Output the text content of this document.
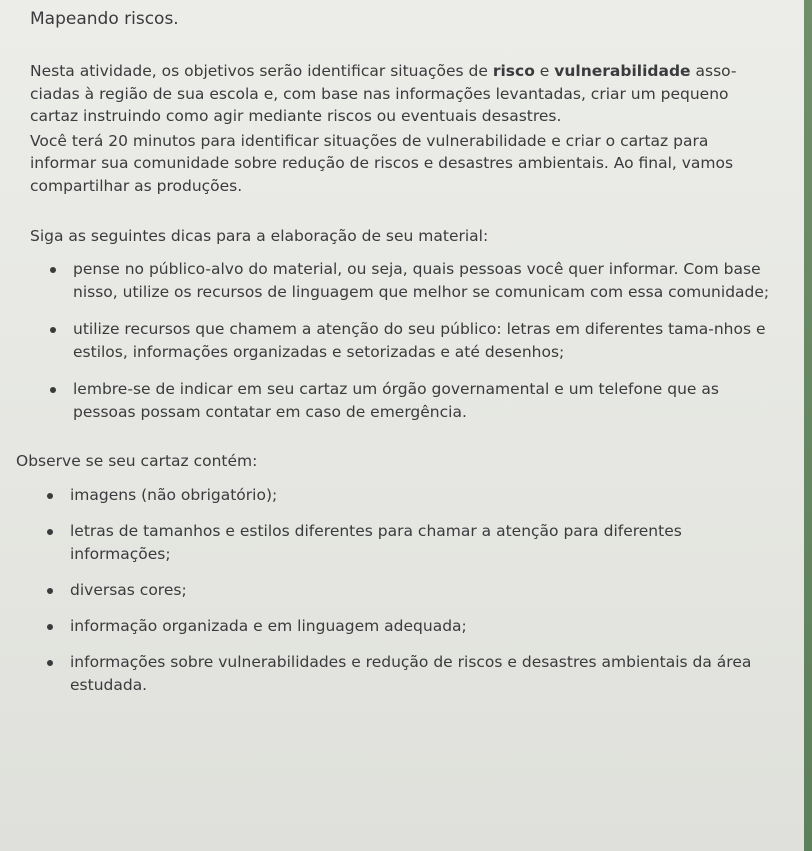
Mapeando riscos.

Nesta atividade, os objetivos serão identificar situações de risco e vulnerabilidade asso-ciadas à região de sua escola e, com base nas informações levantadas, criar um pequeno cartaz instruindo como agir mediante riscos ou eventuais desastres.

Você terá 20 minutos para identificar situações de vulnerabilidade e criar o cartaz para informar sua comunidade sobre redução de riscos e desastres ambientais. Ao final, vamos compartilhar as produções.

Siga as seguintes dicas para a elaboração de seu material:

pense no público-alvo do material, ou seja, quais pessoas você quer informar. Com base nisso, utilize os recursos de linguagem que melhor se comunicam com essa comunidade;
utilize recursos que chamem a atenção do seu público: letras em diferentes tama-nhos e estilos, informações organizadas e setorizadas e até desenhos;
lembre-se de indicar em seu cartaz um órgão governamental e um telefone que as pessoas possam contatar em caso de emergência.

Observe se seu cartaz contém:

imagens (não obrigatório);
letras de tamanhos e estilos diferentes para chamar a atenção para diferentes informações;
diversas cores;
informação organizada e em linguagem adequada;
informações sobre vulnerabilidades e redução de riscos e desastres ambientais da área estudada.
